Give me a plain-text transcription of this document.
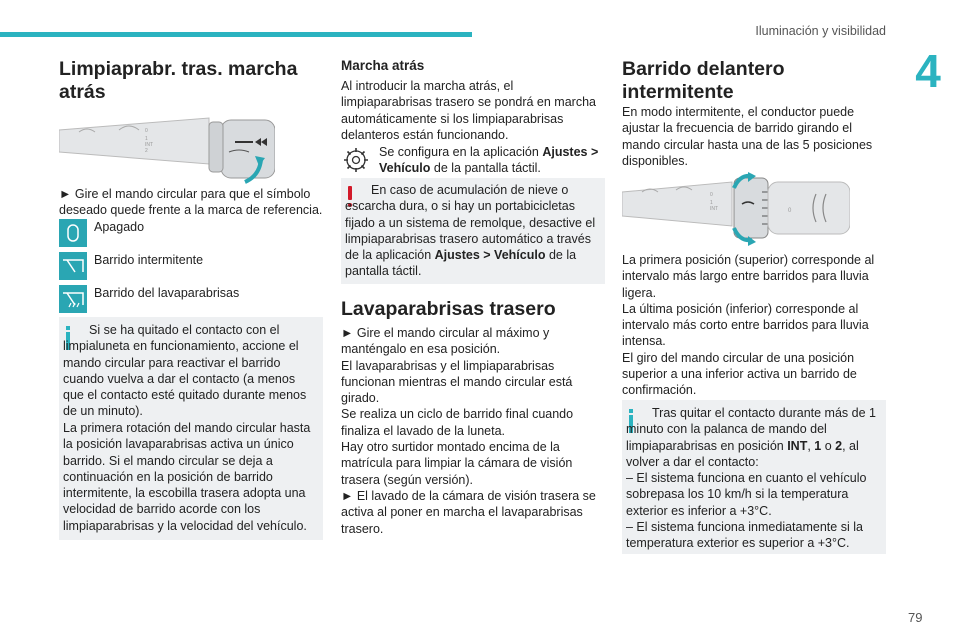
Iluminación y visibilidad
4
Limpiaprabr. tras. marcha atrás
0
1
INT
2

► Gire el mando circular para que el símbolo deseado quede frente a la marca de referencia.

Apagado

Barrido intermitente

Barrido del lavaparabrisas

Si se ha quitado el contacto con el limpialuneta en funcionamiento, accione el mando circular para reactivar el barrido cuando vuelva a dar el contacto (a menos que el contacto esté quitado durante menos de un minuto).
La primera rotación del mando circular hasta la posición lavaparabrisas activa un único barrido. Si el mando circular se deja a continuación en la posición de barrido intermitente, la escobilla trasera adopta una velocidad de barrido acorde con los limpiaparabrisas y la velocidad del vehículo.
Marcha atrás

Al introducir la marcha atrás, el limpiaparabrisas trasero se pondrá en marcha automáticamente si los limpiaparabrisas delanteros están funcionando.

Se configura en la aplicación Ajustes > Vehículo de la pantalla táctil.

En caso de acumulación de nieve o escarcha dura, o si hay un portabicicletas fijado a un sistema de remolque, desactive el limpiaparabrisas trasero automático a través de la aplicación Ajustes > Vehículo de la pantalla táctil.

Lavaparabrisas trasero

► Gire el mando circular al máximo y manténgalo en esa posición.

El lavaparabrisas y el limpiaparabrisas funcionan mientras el mando circular está girado.

Se realiza un ciclo de barrido final cuando finaliza el lavado de la luneta.

Hay otro surtidor montado encima de la matrícula para limpiar la cámara de visión trasera (según versión).

► El lavado de la cámara de visión trasera se activa al poner en marcha el lavaparabrisas trasero.

Barrido delantero intermitente

En modo intermitente, el conductor puede ajustar la frecuencia de barrido girando el mando circular hasta una de las 5 posiciones disponibles.

0
1
INT	0

La primera posición (superior) corresponde al intervalo más largo entre barridos para lluvia ligera.

La última posición (inferior) corresponde al intervalo más corto entre barridos para lluvia intensa.

El giro del mando circular de una posición superior a una inferior activa un barrido de confirmación.

Tras quitar el contacto durante más de 1 minuto con la palanca de mando del limpiaparabrisas en posición INT, 1 o 2, al volver a dar el contacto:

– El sistema funciona en cuanto el vehículo sobrepasa los 10 km/h si la temperatura exterior es inferior a +3°C.

– El sistema funciona inmediatamente si la temperatura exterior es superior a +3°C.

79
